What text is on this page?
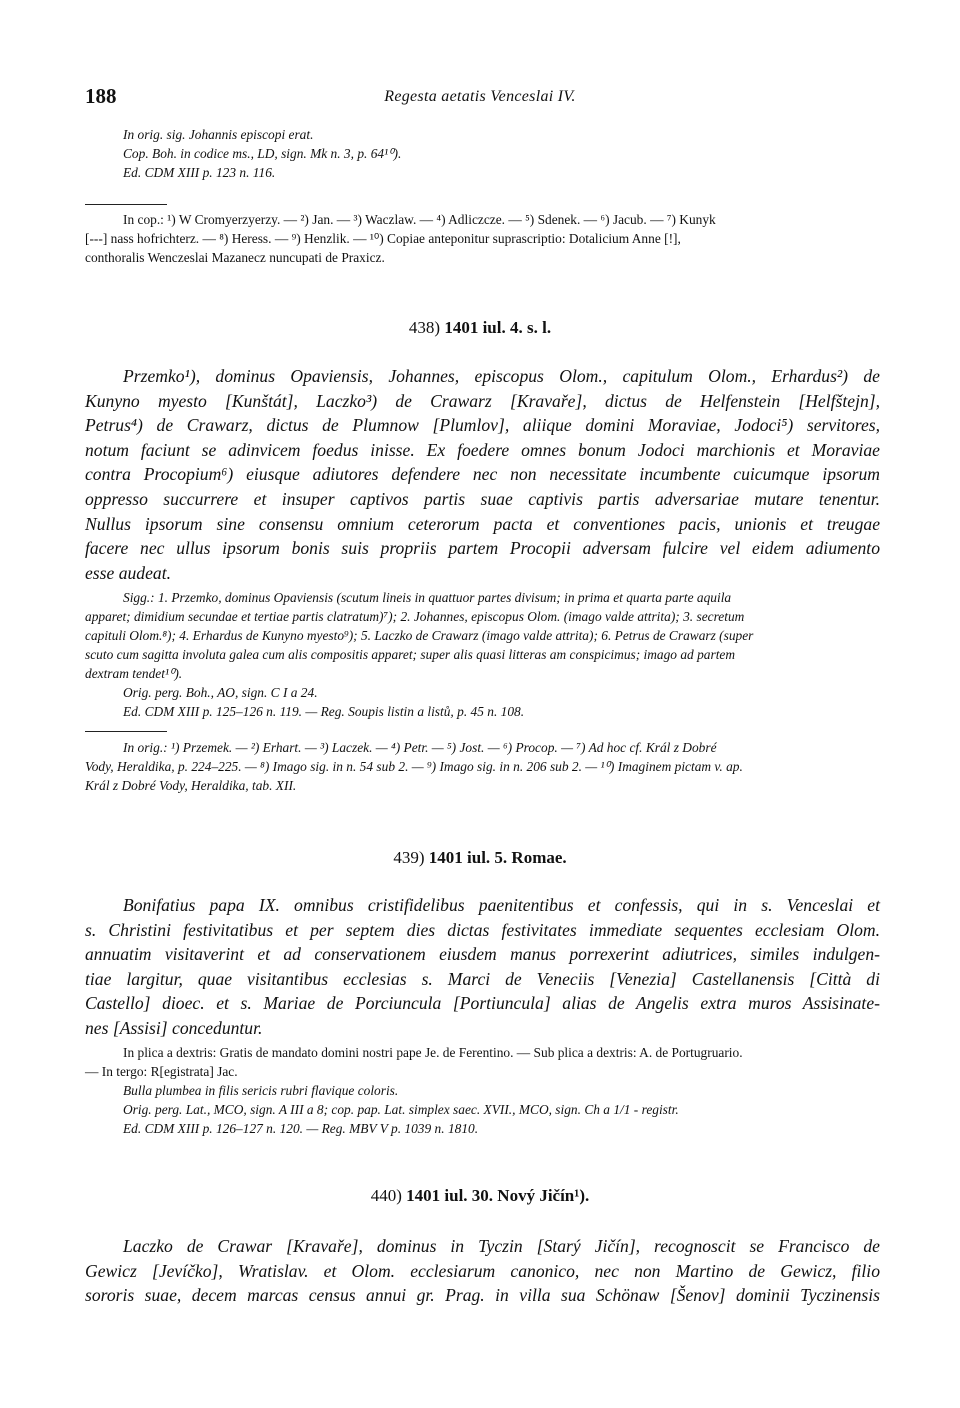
188	Regesta aetatis Venceslai IV.

In orig. sig. Johannis episcopi erat.

Cop. Boh. in codice ms., LD, sign. Mk n. 3, p. 64¹⁰).

Ed. CDM XIII p. 123 n. 116.

In cop.: ¹) W Cromyerzyerzy. — ²) Jan. — ³) Waczlaw. — ⁴) Adliczcze. — ⁵) Sdenek. — ⁶) Jacub. — ⁷) Kunyk

[---] nass hofrichterz. — ⁸) Heress. — ⁹) Henzlik. — ¹⁰) Copiae anteponitur suprascriptio: Dotalicium Anne [!],

conthoralis Wenczeslai Mazanecz nuncupati de Praxicz.

438) 1401 iul. 4. s. l.

Przemko¹), dominus Opaviensis, Johannes, episcopus Olom., capitulum Olom., Erhardus²) de
Kunyno myesto [Kunštát], Laczko³) de Crawarz [Kravaře], dictus de Helfenstein [Helfštejn],
Petrus⁴) de Crawarz, dictus de Plumnow [Plumlov], aliique domini Moraviae, Jodoci⁵) servitores,
notum faciunt se adinvicem foedus inisse. Ex foedere omnes bonum Jodoci marchionis et Moraviae
contra Procopium⁶) eiusque adiutores defendere nec non necessitate incumbente cuicumque ipsorum
oppresso succurrere et insuper captivos partis suae captivis partis adversariae mutare tenentur.
Nullus ipsorum sine consensu omnium ceterorum pacta et conventiones pacis, unionis et treugae
facere nec ullus ipsorum bonis suis propriis partem Procopii adversam fulcire vel eidem adiumento
esse audeat.

Sigg.: 1. Przemko, dominus Opaviensis (scutum lineis in quattuor partes divisum; in prima et quarta parte aquila

apparet; dimidium secundae et tertiae partis clatratum)⁷); 2. Johannes, episcopus Olom. (imago valde attrita); 3. secretum

capituli Olom.⁸); 4. Erhardus de Kunyno myesto⁹); 5. Laczko de Crawarz (imago valde attrita); 6. Petrus de Crawarz (super

scuto cum sagitta involuta galea cum alis compositis apparet; super alis quasi litteras am conspicimus; imago ad partem

dextram tendet¹⁰).

Orig. perg. Boh., AO, sign. C I a 24.

Ed. CDM XIII p. 125–126 n. 119. — Reg. Soupis listin a listů, p. 45 n. 108.

In orig.: ¹) Przemek. — ²) Erhart. — ³) Laczek. — ⁴) Petr. — ⁵) Jost. — ⁶) Procop. — ⁷) Ad hoc cf. Král z Dobré

Vody, Heraldika, p. 224–225. — ⁸) Imago sig. in n. 54 sub 2. — ⁹) Imago sig. in n. 206 sub 2. — ¹⁰) Imaginem pictam v. ap.

Král z Dobré Vody, Heraldika, tab. XII.

439) 1401 iul. 5. Romae.

Bonifatius papa IX. omnibus cristifidelibus paenitentibus et confessis, qui in s. Venceslai et
s. Christini festivitatibus et per septem dies dictas festivitates immediate sequentes ecclesiam Olom.
annuatim visitaverint et ad conservationem eiusdem manus porrexerint adiutrices, similes indulgen-
tiae largitur, quae visitantibus ecclesias s. Marci de Veneciis [Venezia] Castellanensis [Città di
Castello] dioec. et s. Mariae de Porciuncula [Portiuncula] alias de Angelis extra muros Assisinate-
nes [Assisi] conceduntur.

In plica a dextris: Gratis de mandato domini nostri pape Je. de Ferentino. — Sub plica a dextris: A. de Portugruario.

— In tergo: R[egistrata] Jac.

Bulla plumbea in filis sericis rubri flavique coloris.

Orig. perg. Lat., MCO, sign. A III a 8; cop. pap. Lat. simplex saec. XVII., MCO, sign. Ch a 1/1 - registr.

Ed. CDM XIII p. 126–127 n. 120. — Reg. MBV V p. 1039 n. 1810.

440) 1401 iul. 30. Nový Jičín¹).

Laczko de Crawar [Kravaře], dominus in Tyczin [Starý Jičín], recognoscit se Francisco de
Gewicz [Jevíčko], Wratislav. et Olom. ecclesiarum canonico, nec non Martino de Gewicz, filio
sororis suae, decem marcas census annui gr. Prag. in villa sua Schönaw [Šenov] dominii Tyczinensis
